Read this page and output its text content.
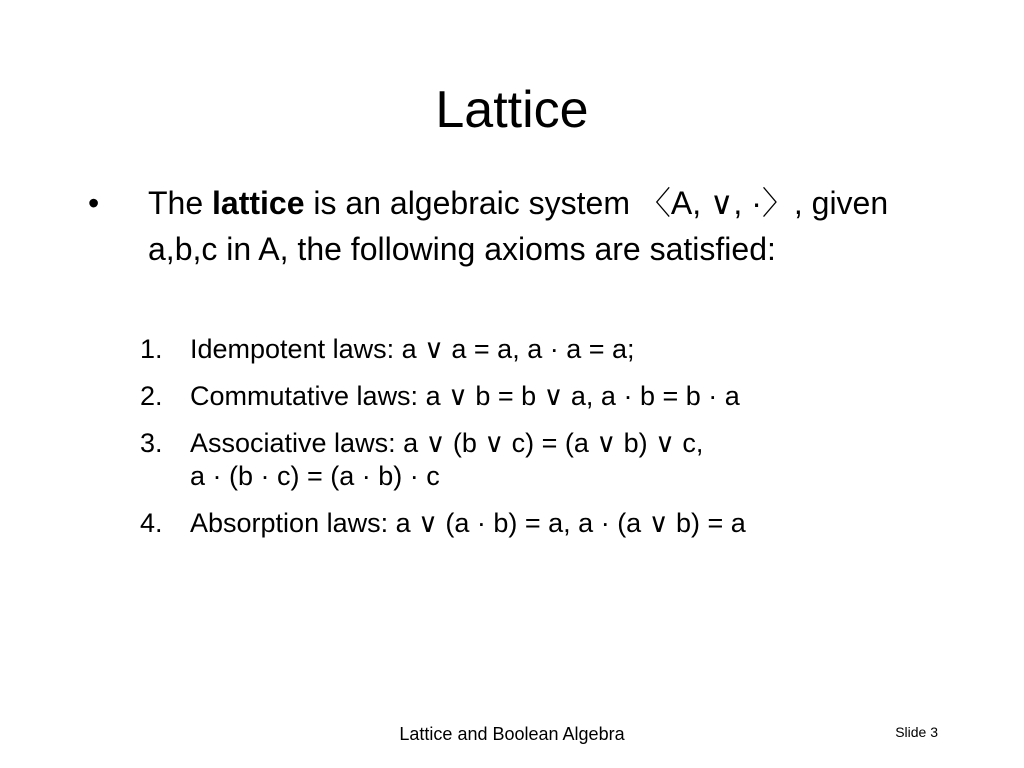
Lattice
• The lattice is an algebraic system 〈A, ∨, ·〉, given a,b,c in A, the following axioms are satisfied:
1. Idempotent laws: a ∨ a = a, a · a = a;
2. Commutative laws: a ∨ b = b ∨ a, a · b = b · a
3. Associative laws: a ∨ (b ∨ c) = (a ∨ b) ∨ c,
a · (b · c) = (a · b) · c
4. Absorption laws: a ∨ (a · b) = a, a · (a ∨ b) = a
Lattice and Boolean Algebra	Slide 3
